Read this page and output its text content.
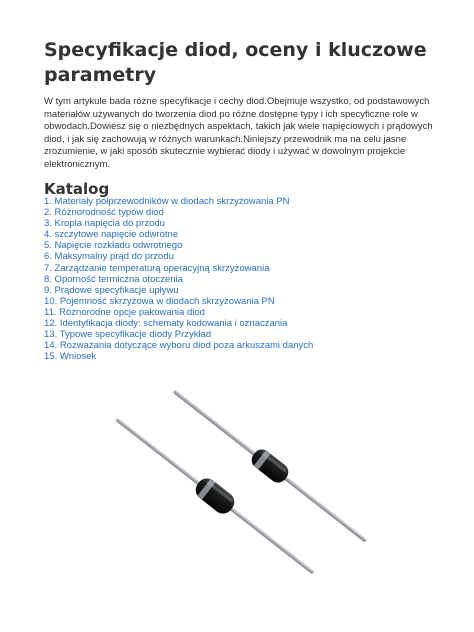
Specyfikacje diod, oceny i kluczowe parametry

W tym artykule bada różne specyfikacje i cechy diod.Obejmuje wszystko, od podstawowych materiałów używanych do tworzenia diod po różne dostępne typy i ich specyficzne role w obwodach.Dowiesz się o niezbędnych aspektach, takich jak wiele napięciowych i prądowych diod, i jak się zachowują w różnych warunkach.Niniejszy przewodnik ma na celu jasne zrozumienie, w jaki sposób skutecznie wybierać diody i używać w dowolnym projekcie elektronicznym.

Katalog
1. Materiały półprzewodników w diodach skrzyżowania PN
2. Różnorodność typów diod
3. Kropla napięcia do przodu
4. szczytowe napięcie odwrotne
5. Napięcie rozkładu odwrotnego
6. Maksymalny prąd do przodu
7. Zarządzanie temperaturą operacyjną skrzyżowania
8. Oporność termiczna otoczenia
9. Prądowe specyfikacje upływu
10. Pojemność skrzyżowa w diodach skrzyżowania PN
11. Różnorodne opcje pakowania diod
12. Identyfikacja diody: schematy kodowania i oznaczania
13. Typowe specyfikacje diody Przykład
14. Rozważania dotyczące wyboru diod poza arkuszami danych
15. Wniosek
